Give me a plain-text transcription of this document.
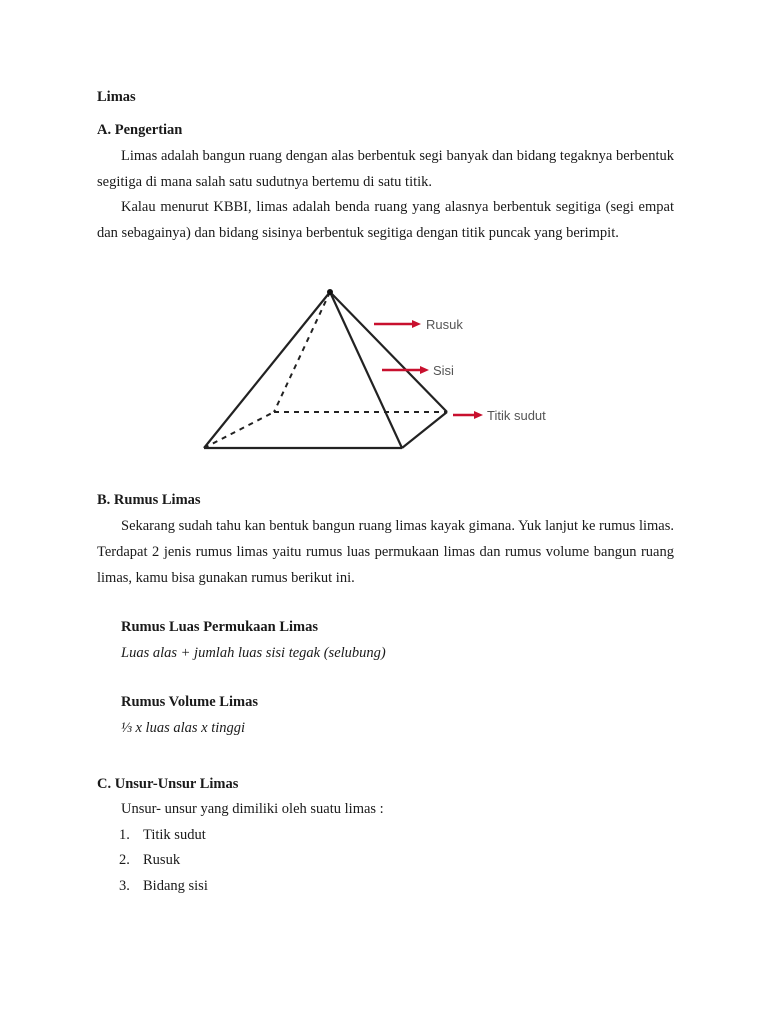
Limas
A. Pengertian

Limas adalah bangun ruang dengan alas berbentuk segi banyak dan bidang tegaknya berbentuk segitiga di mana salah satu sudutnya bertemu di satu titik.

Kalau menurut KBBI, limas adalah benda ruang yang alasnya berbentuk segitiga (segi empat dan sebagainya) dan bidang sisinya berbentuk segitiga dengan titik puncak yang berimpit.

Rusuk
Sisi
Titik sudut
B. Rumus Limas

Sekarang sudah tahu kan bentuk bangun ruang limas kayak gimana. Yuk lanjut ke rumus limas. Terdapat 2 jenis rumus limas yaitu rumus luas permukaan limas dan rumus volume bangun ruang limas, kamu bisa gunakan rumus berikut ini.

Rumus Luas Permukaan Limas
Luas alas + jumlah luas sisi tegak (selubung)
Rumus Volume Limas
⅓ x luas alas x tinggi
C. Unsur-Unsur Limas
Unsur- unsur yang dimiliki oleh suatu limas :
1. Titik sudut
2. Rusuk
3. Bidang sisi
